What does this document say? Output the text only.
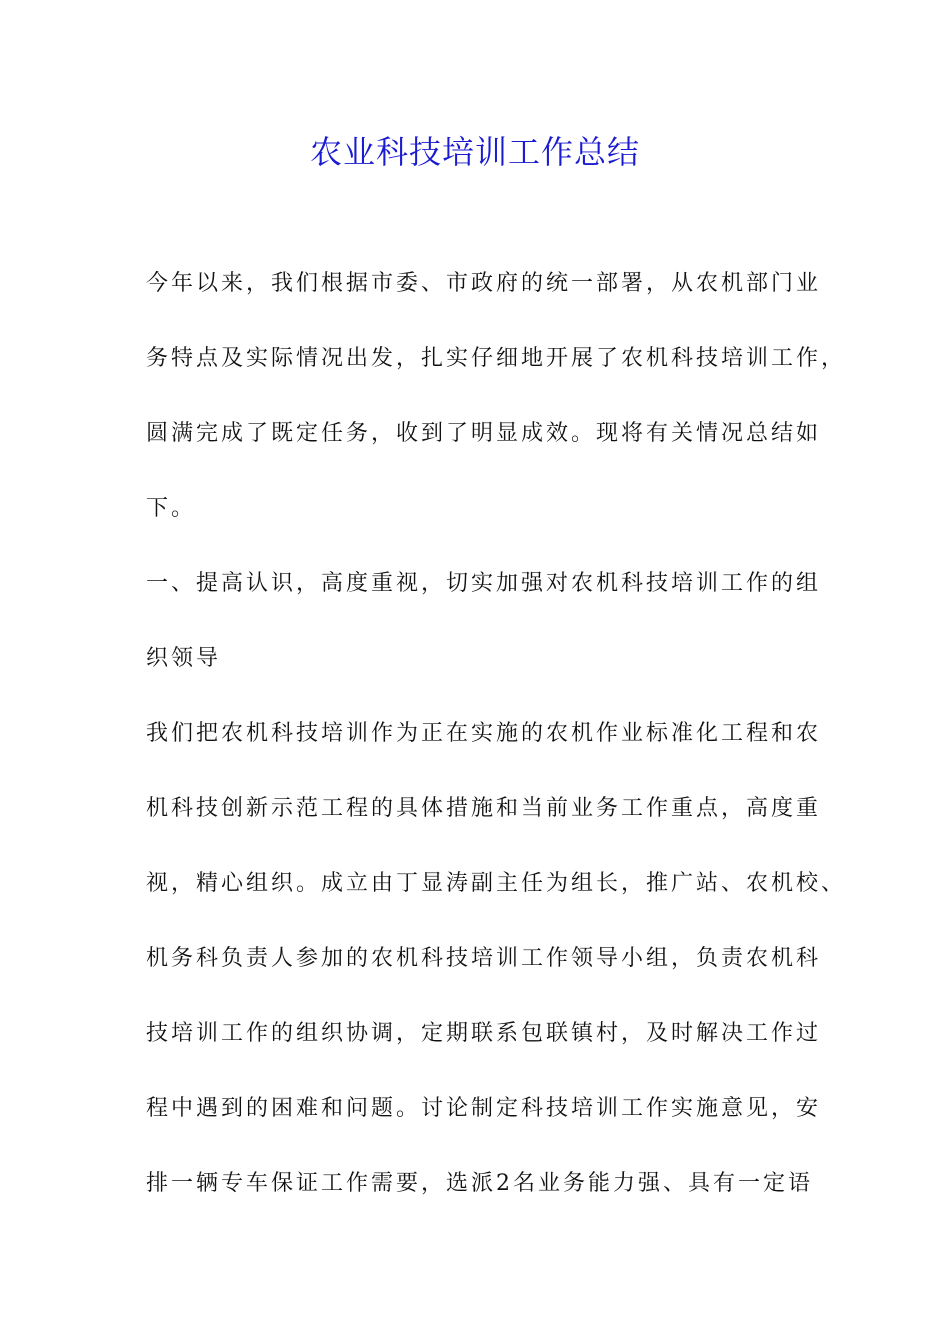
农业科技培训工作总结
今年以来，我们根据市委、市政府的统一部署，从农机部门业
务特点及实际情况出发，扎实仔细地开展了农机科技培训工作，
圆满完成了既定任务，收到了明显成效。现将有关情况总结如
下。
一、提高认识，高度重视，切实加强对农机科技培训工作的组
织领导
我们把农机科技培训作为正在实施的农机作业标准化工程和农
机科技创新示范工程的具体措施和当前业务工作重点，高度重
视，精心组织。成立由丁显涛副主任为组长，推广站、农机校、
机务科负责人参加的农机科技培训工作领导小组，负责农机科
技培训工作的组织协调，定期联系包联镇村，及时解决工作过
程中遇到的困难和问题。讨论制定科技培训工作实施意见，安
排一辆专车保证工作需要，选派2名业务能力强、具有一定语
